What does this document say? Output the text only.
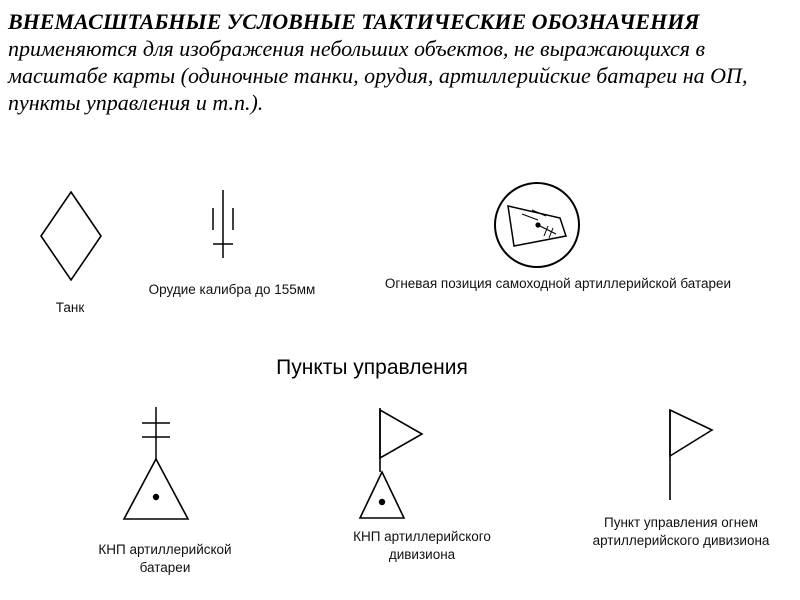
ВНЕМАСШТАБНЫЕ УСЛОВНЫЕ ТАКТИЧЕСКИЕ ОБОЗНАЧЕНИЯ применяются для изображения небольших объектов, не выражающихся в масштабе карты (одиночные танки, орудия, артиллерийские батареи на ОП, пункты управления и т.п.).

Танк
Орудие калибра до 155мм	Огневая позиция самоходной артиллерийской батареи
Пункты управления
КНП артиллерийской батареи
КНП артиллерийского дивизиона
Пункт управления огнем артиллерийского дивизиона
